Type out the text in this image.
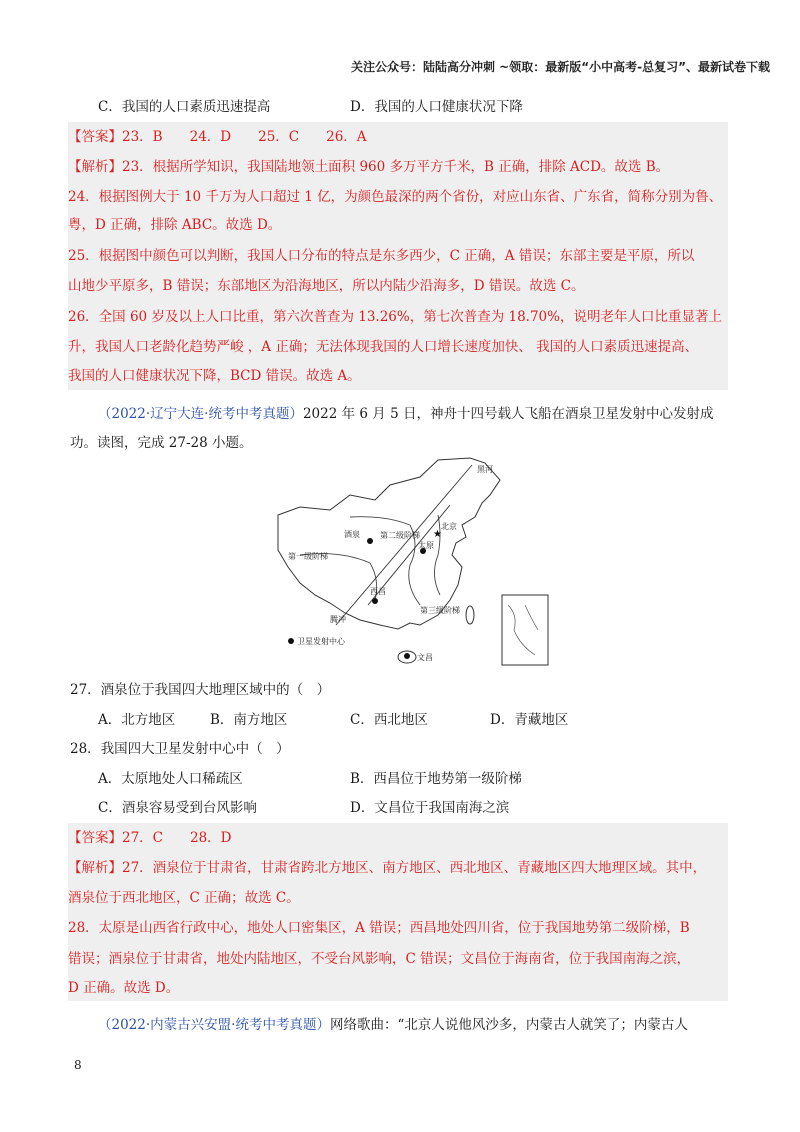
关注公众号：陆陆高分冲刺 ~领取：最新版“小中高考-总复习”、最新试卷下载
C．我国的人口素质迅速提高	D．我国的人口健康状况下降
【答案】23．B　　24．D　　25．C　　26．A
【解析】23．根据所学知识，我国陆地领土面积 960 多万平方千米，B 正确，排除 ACD。故选 B。
24．根据图例大于 10 千万为人口超过 1 亿，为颜色最深的两个省份，对应山东省、广东省，简称分别为鲁、
粤，D 正确，排除 ABC。故选 D。
25．根据图中颜色可以判断，我国人口分布的特点是东多西少，C 正确，A 错误；东部主要是平原，所以
山地少平原多，B 错误；东部地区为沿海地区，所以内陆少沿海多，D 错误。故选 C。
26．全国 60 岁及以上人口比重，第六次普查为 13.26%，第七次普查为 18.70%，说明老年人口比重显著上
升，我国人口老龄化趋势严峻 ，A 正确；无法体现我国的人口增长速度加快、 我国的人口素质迅速提高、
我国的人口健康状况下降，BCD 错误。故选 A。
（2022·辽宁大连·统考中考真题）2022 年 6 月 5 日，神舟十四号载人飞船在酒泉卫星发射中心发射成
功。读图，完成 27-28 小题。
★
黑河
北京
酒泉	第二级阶梯
太原
第一级阶梯
西昌
第三级阶梯
腾冲
卫星发射中心
文昌
27．酒泉位于我国四大地理区域中的（　）
A．北方地区	B．南方地区	C．西北地区	D．青藏地区
28．我国四大卫星发射中心中（　）
A．太原地处人口稀疏区	B．西昌位于地势第一级阶梯
C．酒泉容易受到台风影响	D．文昌位于我国南海之滨
【答案】27．C　　28．D
【解析】27．酒泉位于甘肃省，甘肃省跨北方地区、南方地区、西北地区、青藏地区四大地理区域。其中，
酒泉位于西北地区，C 正确；故选 C。
28．太原是山西省行政中心，地处人口密集区，A 错误；西昌地处四川省，位于我国地势第二级阶梯，B
错误；酒泉位于甘肃省，地处内陆地区，不受台风影响，C 错误；文昌位于海南省，位于我国南海之滨，
D 正确。故选 D。
（2022·内蒙古兴安盟·统考中考真题）网络歌曲：“北京人说他风沙多，内蒙古人就笑了；内蒙古人
8
